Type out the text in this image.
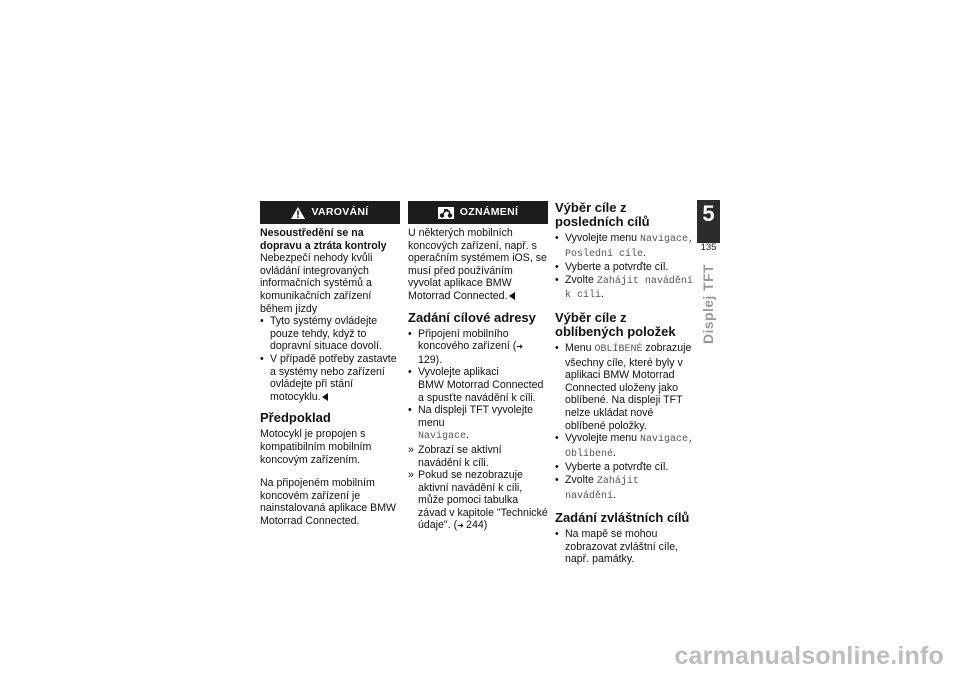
VAROVÁNÍ
Nesoustředění se na dopravu a ztráta kontroly
Nebezpečí nehody kvůli ovládání integrovaných informačních systémů a komunikačních zařízení během jízdy
• Tyto systémy ovládejte pouze tehdy, když to dopravní situace dovolí.
• V případě potřeby zastavte a systémy nebo zařízení ovládejte při stání motocyklu.
Předpoklad
Motocykl je propojen s kompatibilním mobilním koncovým zařízením.
Na připojeném mobilním koncovém zařízení je nainstalovaná aplikace BMW Motorrad Connected.
OZNÁMENÍ
U některých mobilních koncových zařízení, např. s operačním systémem iOS, se musí před používáním vyvolat aplikace BMW Motorrad Connected.
Zadání cílové adresy
• Připojení mobilního koncového zařízení (➜ 129).
• Vyvolejte aplikaci
BMW Motorrad Connected a spusťte navádění k cíli.
• Na displeji TFT vyvolejte menu
Navigace.
» Zobrazí se aktivní navádění k cíli.
» Pokud se nezobrazuje aktivní navádění k cíli, může pomoci tabulka závad v kapitole "Technické údaje". (➜ 244)
Výběr cíle z posledních cílů
• Vyvolejte menu Navigace, Poslední cíle.
• Vyberte a potvrďte cíl.
• Zvolte Zahájit navádění k cíli.
Výběr cíle z oblíbených položek
• Menu OBLÍBENÉ zobrazuje všechny cíle, které byly v aplikaci BMW Motorrad Connected uloženy jako oblíbené. Na displeji TFT nelze ukládat nové oblíbené položky.
• Vyvolejte menu Navigace, Oblíbené.
• Vyberte a potvrďte cíl.
• Zvolte Zahájit navádění.
Zadání zvláštních cílů
• Na mapě se mohou zobrazovat zvláštní cíle, např. památky.
5
135
Displej TFT
carmanualsonline.info
